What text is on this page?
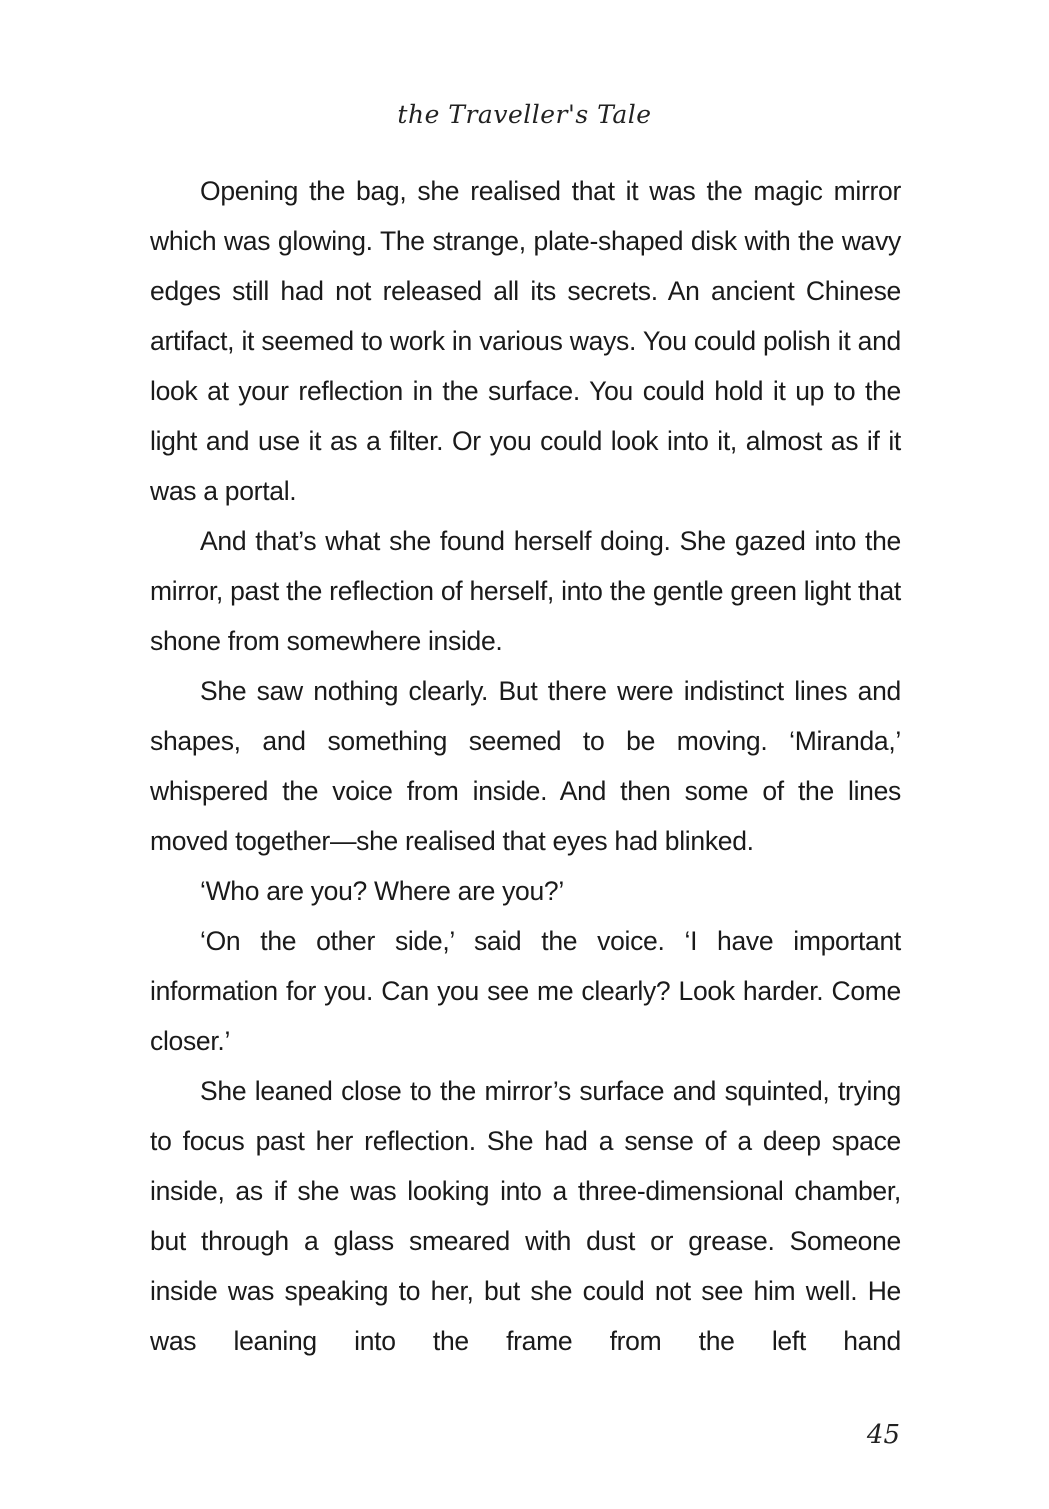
the Traveller's Tale

Opening the bag, she realised that it was the magic mirror which was glowing. The strange, plate-shaped disk with the wavy edges still had not released all its secrets. An ancient Chinese artifact, it seemed to work in various ways. You could polish it and look at your reflection in the surface. You could hold it up to the light and use it as a filter. Or you could look into it, almost as if it was a portal.

And that’s what she found herself doing. She gazed into the mirror, past the reflection of herself, into the gentle green light that shone from somewhere inside.

She saw nothing clearly. But there were indistinct lines and shapes, and something seemed to be moving. ‘Miranda,’ whispered the voice from inside. And then some of the lines moved together—she realised that eyes had blinked.

‘Who are you? Where are you?’

‘On the other side,’ said the voice. ‘I have important information for you. Can you see me clearly? Look harder. Come closer.’

She leaned close to the mirror’s surface and squinted, trying to focus past her reflection. She had a sense of a deep space inside, as if she was looking into a three-dimensional chamber, but through a glass smeared with dust or grease. Someone inside was speaking to her, but she could not see him well. He was leaning into the frame from the left hand

45
